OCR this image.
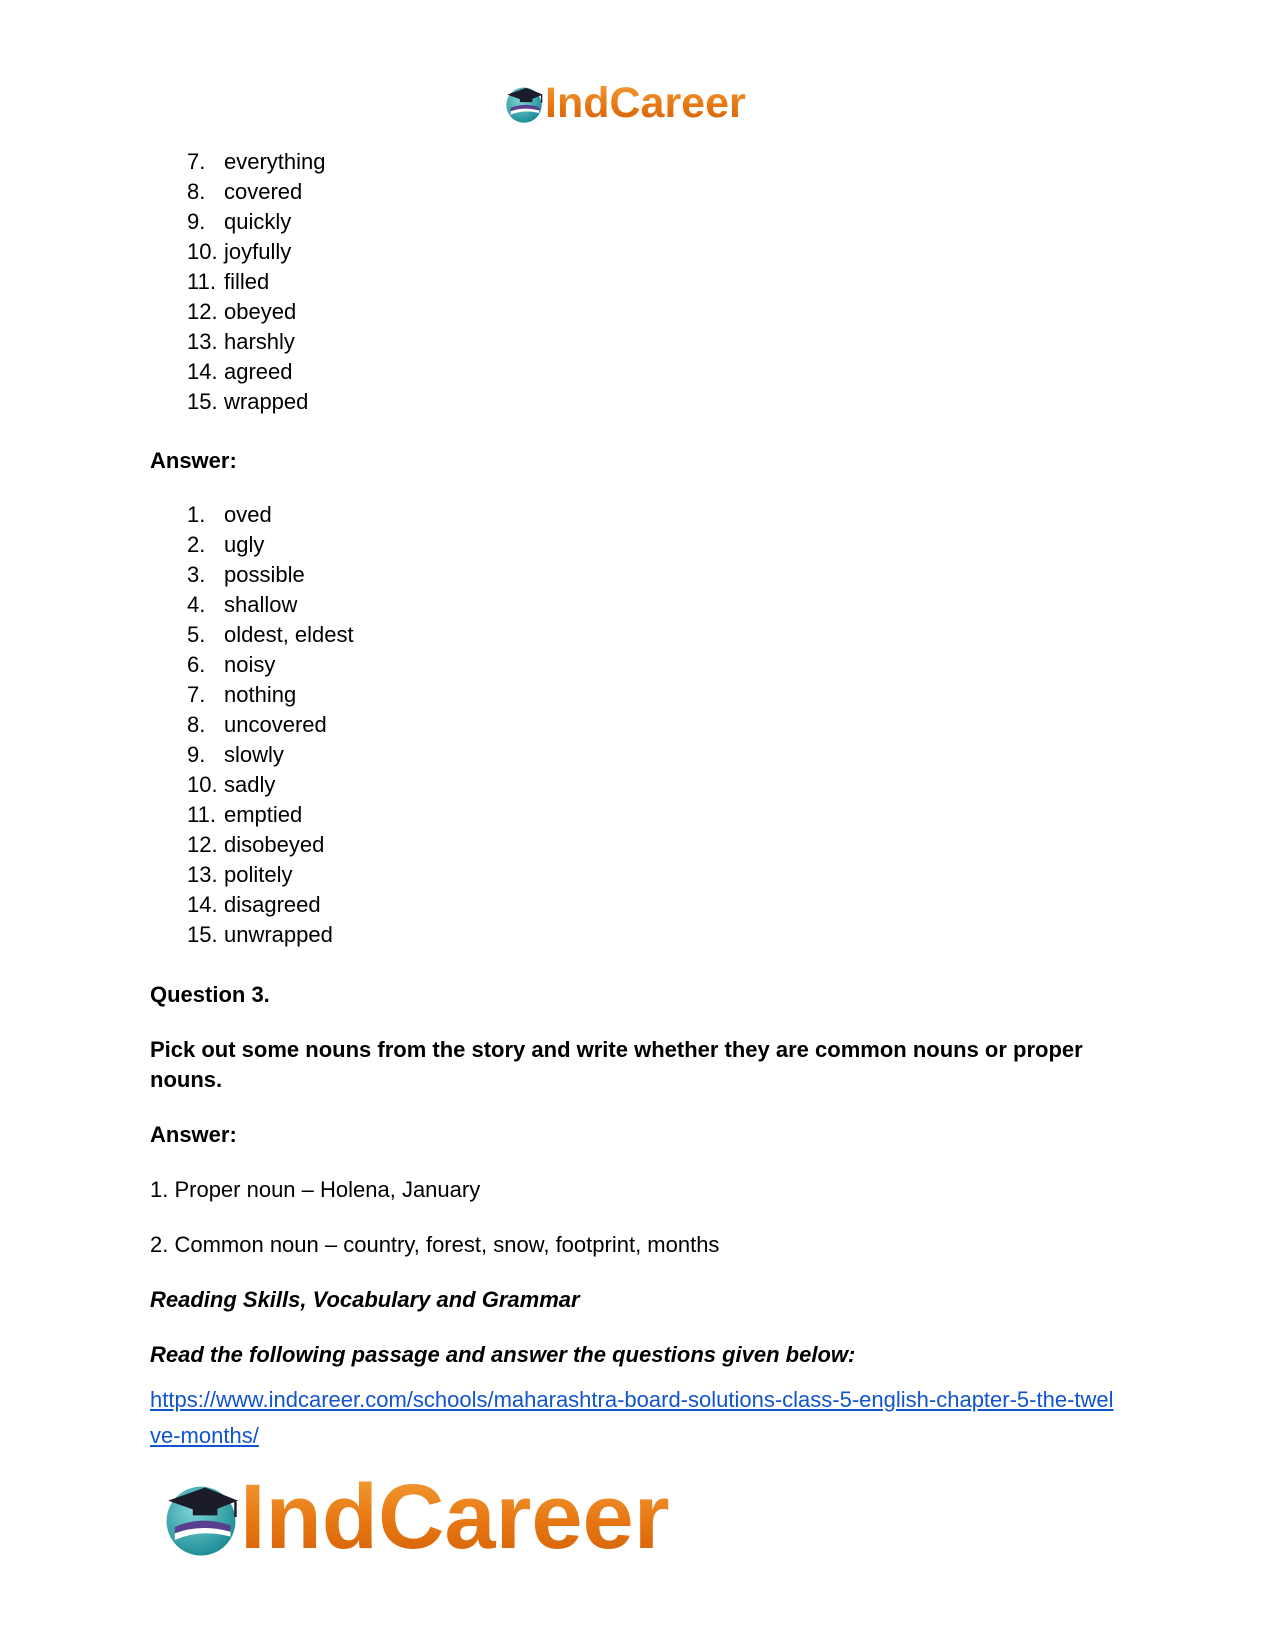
IndCareer
7. everything
8. covered
9. quickly
10. joyfully
11. filled
12. obeyed
13. harshly
14. agreed
15. wrapped

Answer:

1. oved
2. ugly
3. possible
4. shallow
5. oldest, eldest
6. noisy
7. nothing
8. uncovered
9. slowly
10. sadly
11. emptied
12. disobeyed
13. politely
14. disagreed
15. unwrapped

Question 3.

Pick out some nouns from the story and write whether they are common nouns or proper nouns.

Answer:

1. Proper noun – Holena, January

2. Common noun – country, forest, snow, footprint, months

Reading Skills, Vocabulary and Grammar

Read the following passage and answer the questions given below:

https://www.indcareer.com/schools/maharashtra-board-solutions-class-5-english-chapter-5-the-twelve-months/
IndCareer
